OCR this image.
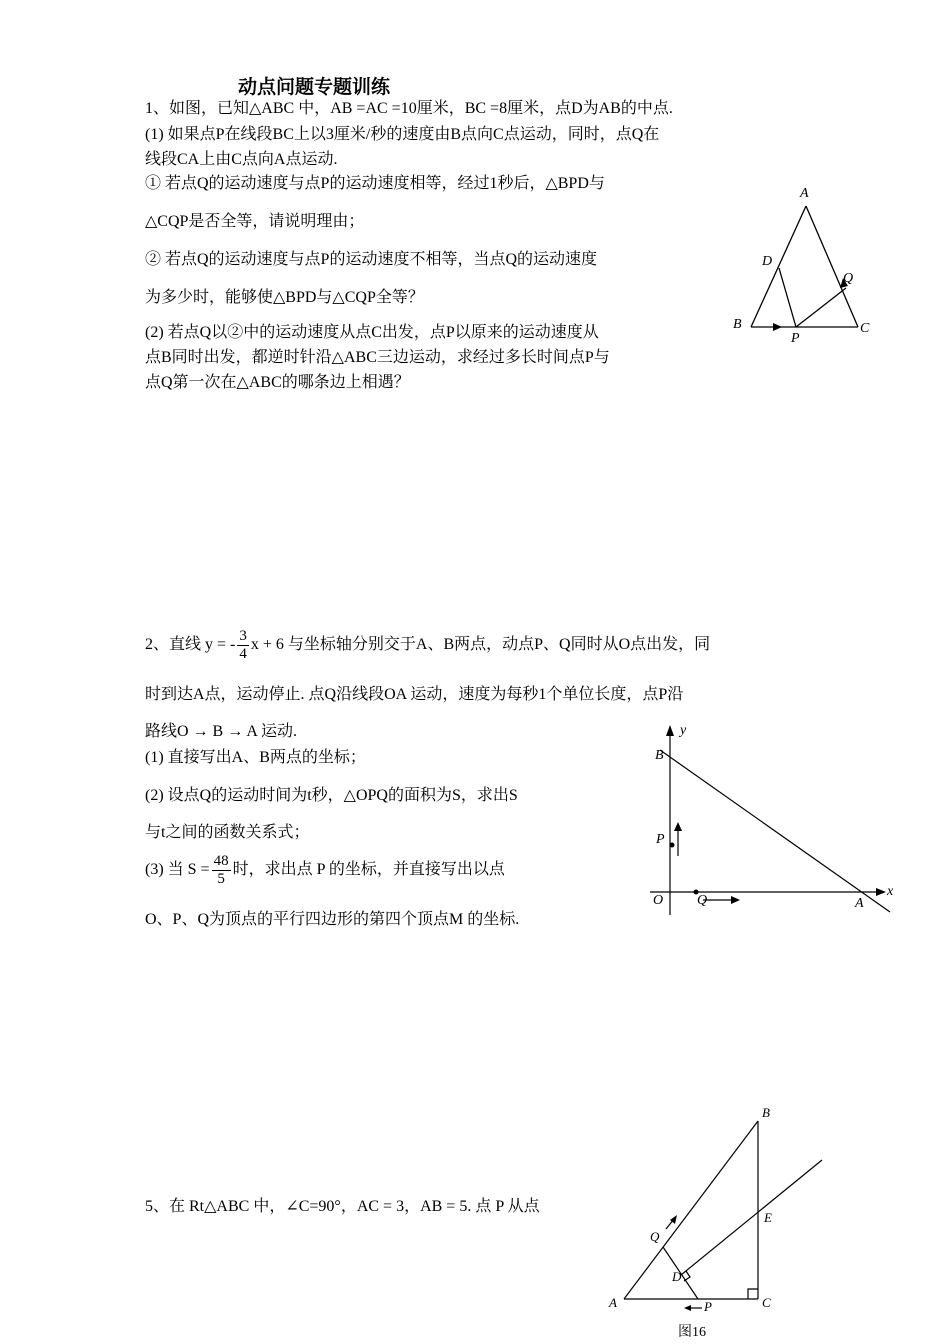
动点问题专题训练
1、如图，已知△ABC 中，AB =AC =10厘米，BC =8厘米，点D为AB的中点.
(1) 如果点P在线段BC上以3厘米/秒的速度由B点向C点运动，同时，点Q在
线段CA上由C点向A点运动.
① 若点Q的运动速度与点P的运动速度相等，经过1秒后，△BPD与
△CQP是否全等，请说明理由；
② 若点Q的运动速度与点P的运动速度不相等，当点Q的运动速度
为多少时，能够使△BPD与△CQP全等？
(2) 若点Q以②中的运动速度从点C出发，点P以原来的运动速度从
点B同时出发，都逆时针沿△ABC三边运动，求经过多长时间点P与
点Q第一次在△ABC的哪条边上相遇？
A
D
Q
B
P
C
2、直线 y = - $\frac{3}{4}$ x + 6 与坐标轴分别交于A、B两点，动点P、Q同时从O点出发，同
时到达A点，运动停止. 点Q沿线段OA 运动，速度为每秒1个单位长度，点P沿
路线O → B → A 运动.
(1) 直接写出A、B两点的坐标；
(2) 设点Q的运动时间为t秒，△OPQ的面积为S，求出S
与t之间的函数关系式；
(3) 当 $S = \frac{48}{5}$ 时，求出点 P 的坐标，并直接写出以点
O、P、Q为顶点的平行四边形的第四个顶点M 的坐标.
y
B
P
O Q	A
x
5、在 Rt△ABC 中，∠C=90°，AC = 3，AB = 5. 点 P 从点
B
E
Q
D
A	P	C
图16
